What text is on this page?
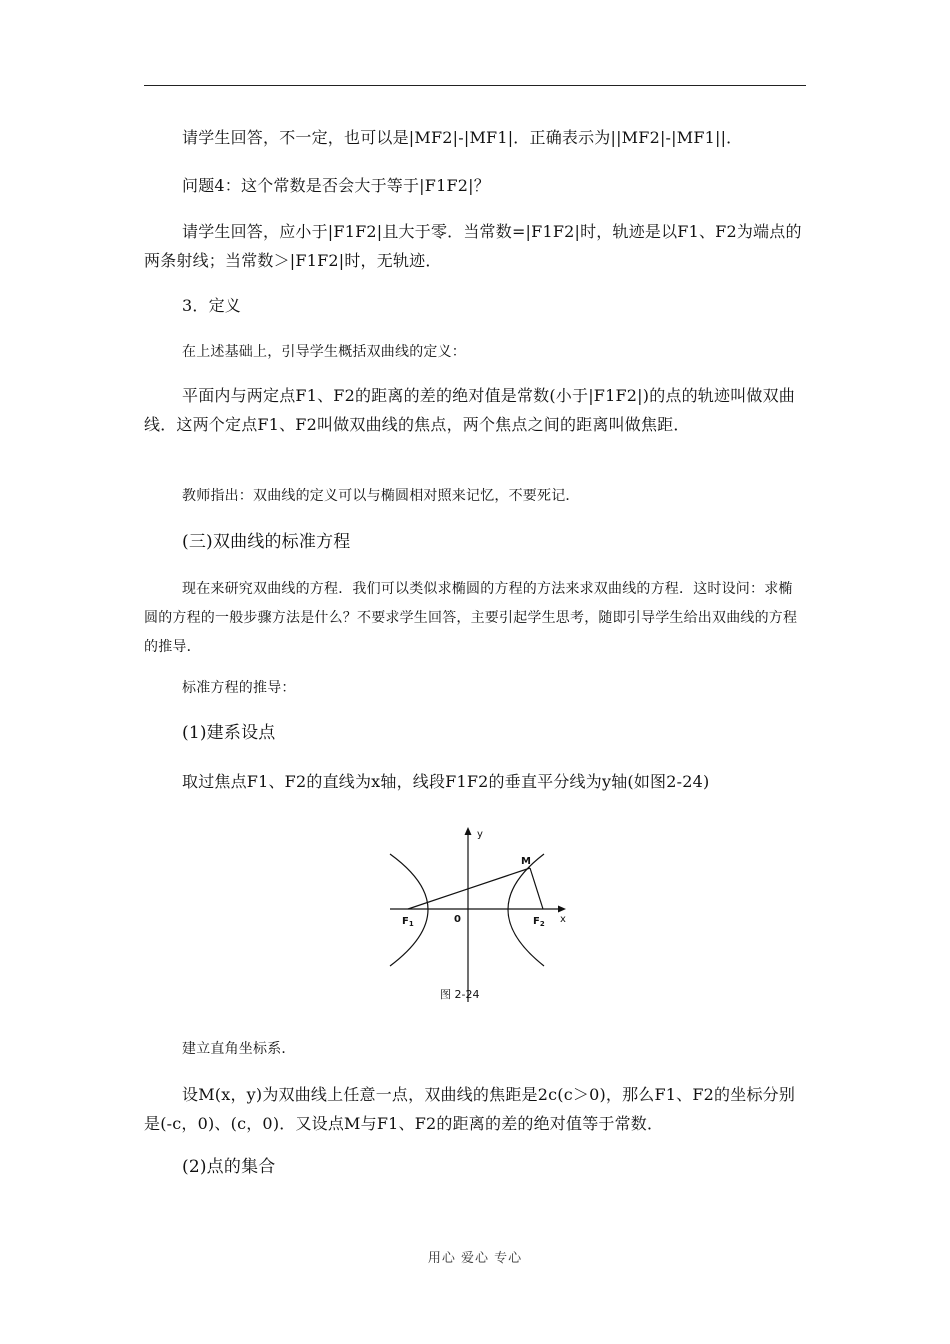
请学生回答，不一定，也可以是|MF2|-|MF1|．正确表示为||MF2|-|MF1||．
问题4：这个常数是否会大于等于|F1F2|？
请学生回答，应小于|F1F2|且大于零．当常数=|F1F2|时，轨迹是以F1、F2为端点的两条射线；当常数＞|F1F2|时，无轨迹．
3．定义
在上述基础上，引导学生概括双曲线的定义：
平面内与两定点F1、F2的距离的差的绝对值是常数(小于|F1F2|)的点的轨迹叫做双曲线．这两个定点F1、F2叫做双曲线的焦点，两个焦点之间的距离叫做焦距．
教师指出：双曲线的定义可以与椭圆相对照来记忆，不要死记．
(三)双曲线的标准方程
现在来研究双曲线的方程．我们可以类似求椭圆的方程的方法来求双曲线的方程．这时设问：求椭圆的方程的一般步骤方法是什么？不要求学生回答，主要引起学生思考，随即引导学生给出双曲线的方程的推导．
标准方程的推导：
(1)建系设点
取过焦点F1、F2的直线为x轴，线段F1F2的垂直平分线为y轴(如图2-24)
y
x
M
0
$F_1$	$F_2$
图 2-24
建立直角坐标系．
设M(x，y)为双曲线上任意一点，双曲线的焦距是2c(c＞0)，那么F1、F2的坐标分别是(-c，0)、(c，0)．又设点M与F1、F2的距离的差的绝对值等于常数．
(2)点的集合
用心 爱心 专心
